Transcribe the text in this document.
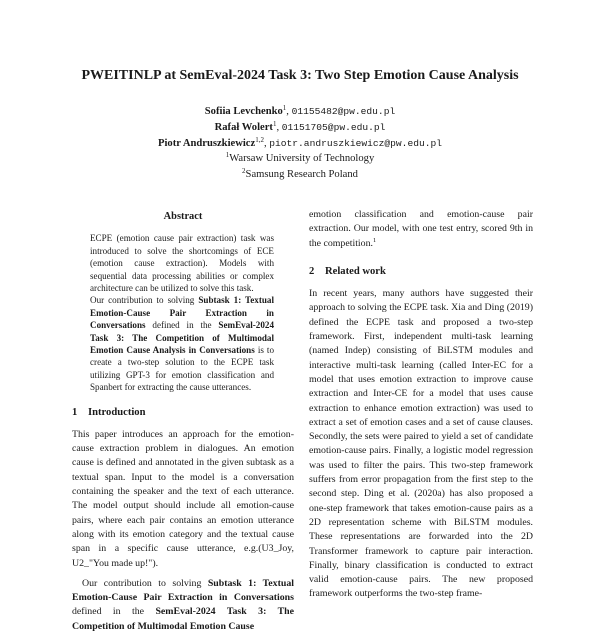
PWEITINLP at SemEval-2024 Task 3: Two Step Emotion Cause Analysis
Sofiia Levchenko$^1$, 01155482@pw.edu.pl
Rafał Wolert$^1$, 01151705@pw.edu.pl
Piotr Andruszkiewicz$^{1,2}$, piotr.andruszkiewicz@pw.edu.pl
$^1$Warsaw University of Technology
$^2$Samsung Research Poland
Abstract

ECPE (emotion cause pair extraction) task was introduced to solve the shortcomings of ECE (emotion cause extraction). Models with sequential data processing abilities or complex architecture can be utilized to solve this task.

Our contribution to solving Subtask 1: Textual Emotion-Cause Pair Extraction in Conversations defined in the SemEval-2024 Task 3: The Competition of Multimodal Emotion Cause Analysis in Conversations is to create a two-step solution to the ECPE task utilizing GPT-3 for emotion classification and Spanbert for extracting the cause utterances.

1 Introduction

This paper introduces an approach for the emotion-cause extraction problem in dialogues. An emotion cause is defined and annotated in the given subtask as a textual span. Input to the model is a conversation containing the speaker and the text of each utterance. The model output should include all emotion-cause pairs, where each pair contains an emotion utterance along with its emotion category and the textual cause span in a specific cause utterance, e.g.(U3_Joy, U2_"You made up!").

Our contribution to solving Subtask 1: Textual Emotion-Cause Pair Extraction in Conversations defined in the SemEval-2024 Task 3: The Competition of Multimodal Emotion Cause

emotion classification and emotion-cause pair extraction. Our model, with one test entry, scored 9th in the competition.$^1$

2 Related work

In recent years, many authors have suggested their approach to solving the ECPE task. Xia and Ding (2019) defined the ECPE task and proposed a two-step framework. First, independent multi-task learning (named Indep) consisting of BiLSTM modules and interactive multi-task learning (called Inter-EC for a model that uses emotion extraction to improve cause extraction and Inter-CE for a model that uses cause extraction to enhance emotion extraction) was used to extract a set of emotion cases and a set of cause clauses. Secondly, the sets were paired to yield a set of candidate emotion-cause pairs. Finally, a logistic model regression was used to filter the pairs. This two-step framework suffers from error propagation from the first step to the second step. Ding et al. (2020a) has also proposed a one-step framework that takes emotion-cause pairs as a 2D representation scheme with BiLSTM modules. These representations are forwarded into the 2D Transformer framework to capture pair interaction. Finally, binary classification is conducted to extract valid emotion-cause pairs. The new proposed framework outperforms the two-step frame-
